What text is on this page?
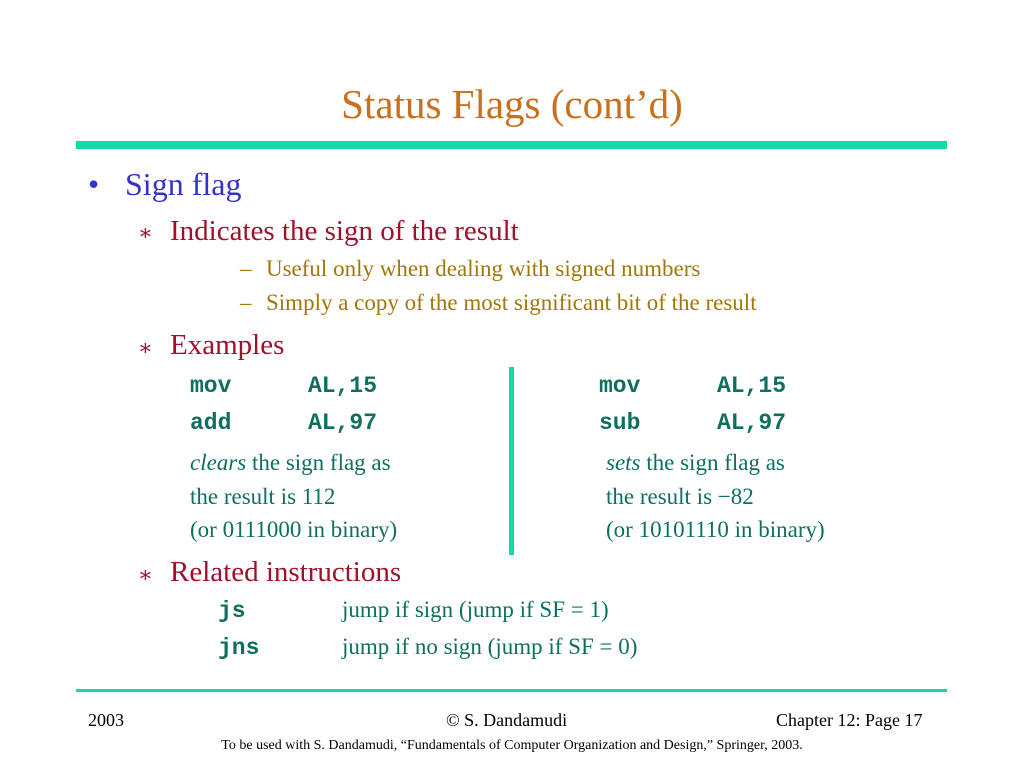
Status Flags (cont’d)
• Sign flag
∗ Indicates the sign of the result
– Useful only when dealing with signed numbers
– Simply a copy of the most significant bit of the result
∗ Examples
mov	AL,15
add	AL,97
clears the sign flag as
the result is 112
(or 0111000 in binary)
mov	AL,15
sub	AL,97
sets the sign flag as
the result is −82
(or 10101110 in binary)
∗ Related instructions
js	jump if sign (jump if SF = 1)
jns	jump if no sign (jump if SF = 0)
2003	© S. Dandamudi	Chapter 12: Page 17
To be used with S. Dandamudi, “Fundamentals of Computer Organization and Design,” Springer, 2003.
